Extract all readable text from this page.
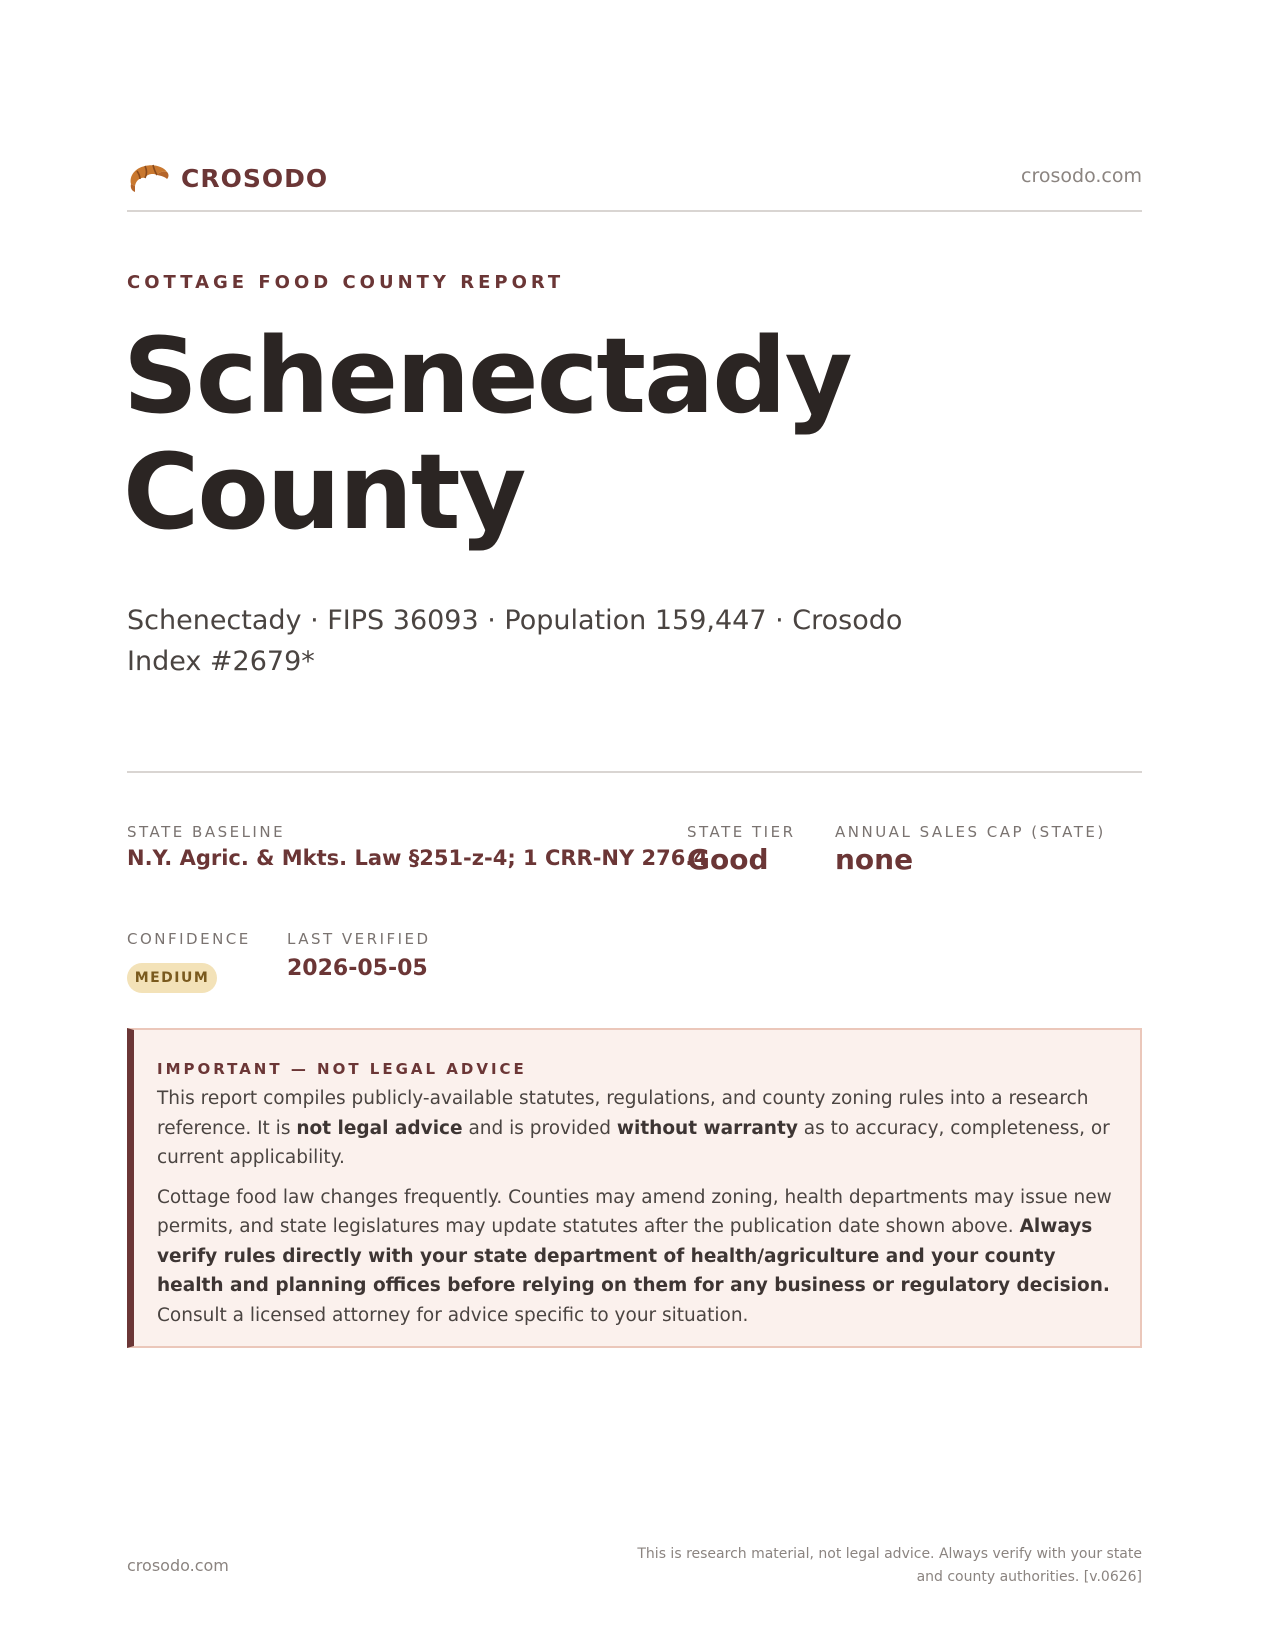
CROSODO	crosodo.com
COTTAGE FOOD COUNTY REPORT
Schenectady County
Schenectady · FIPS 36093 · Population 159,447 · Crosodo Index #2679*
STATE BASELINE
N.Y. Agric. & Mkts. Law §251-z-4; 1 CRR-NY 276.4
STATE TIER
Good
ANNUAL SALES CAP (STATE)
none
CONFIDENCE
MEDIUM
LAST VERIFIED
2026-05-05
IMPORTANT — NOT LEGAL ADVICE

This report compiles publicly-available statutes, regulations, and county zoning rules into a research reference. It is not legal advice and is provided without warranty as to accuracy, completeness, or current applicability.

Cottage food law changes frequently. Counties may amend zoning, health departments may issue new permits, and state legislatures may update statutes after the publication date shown above. Always verify rules directly with your state department of health/agriculture and your county health and planning offices before relying on them for any business or regulatory decision. Consult a licensed attorney for advice specific to your situation.

crosodo.com
This is research material, not legal advice. Always verify with your state and county authorities. [v.0626]
